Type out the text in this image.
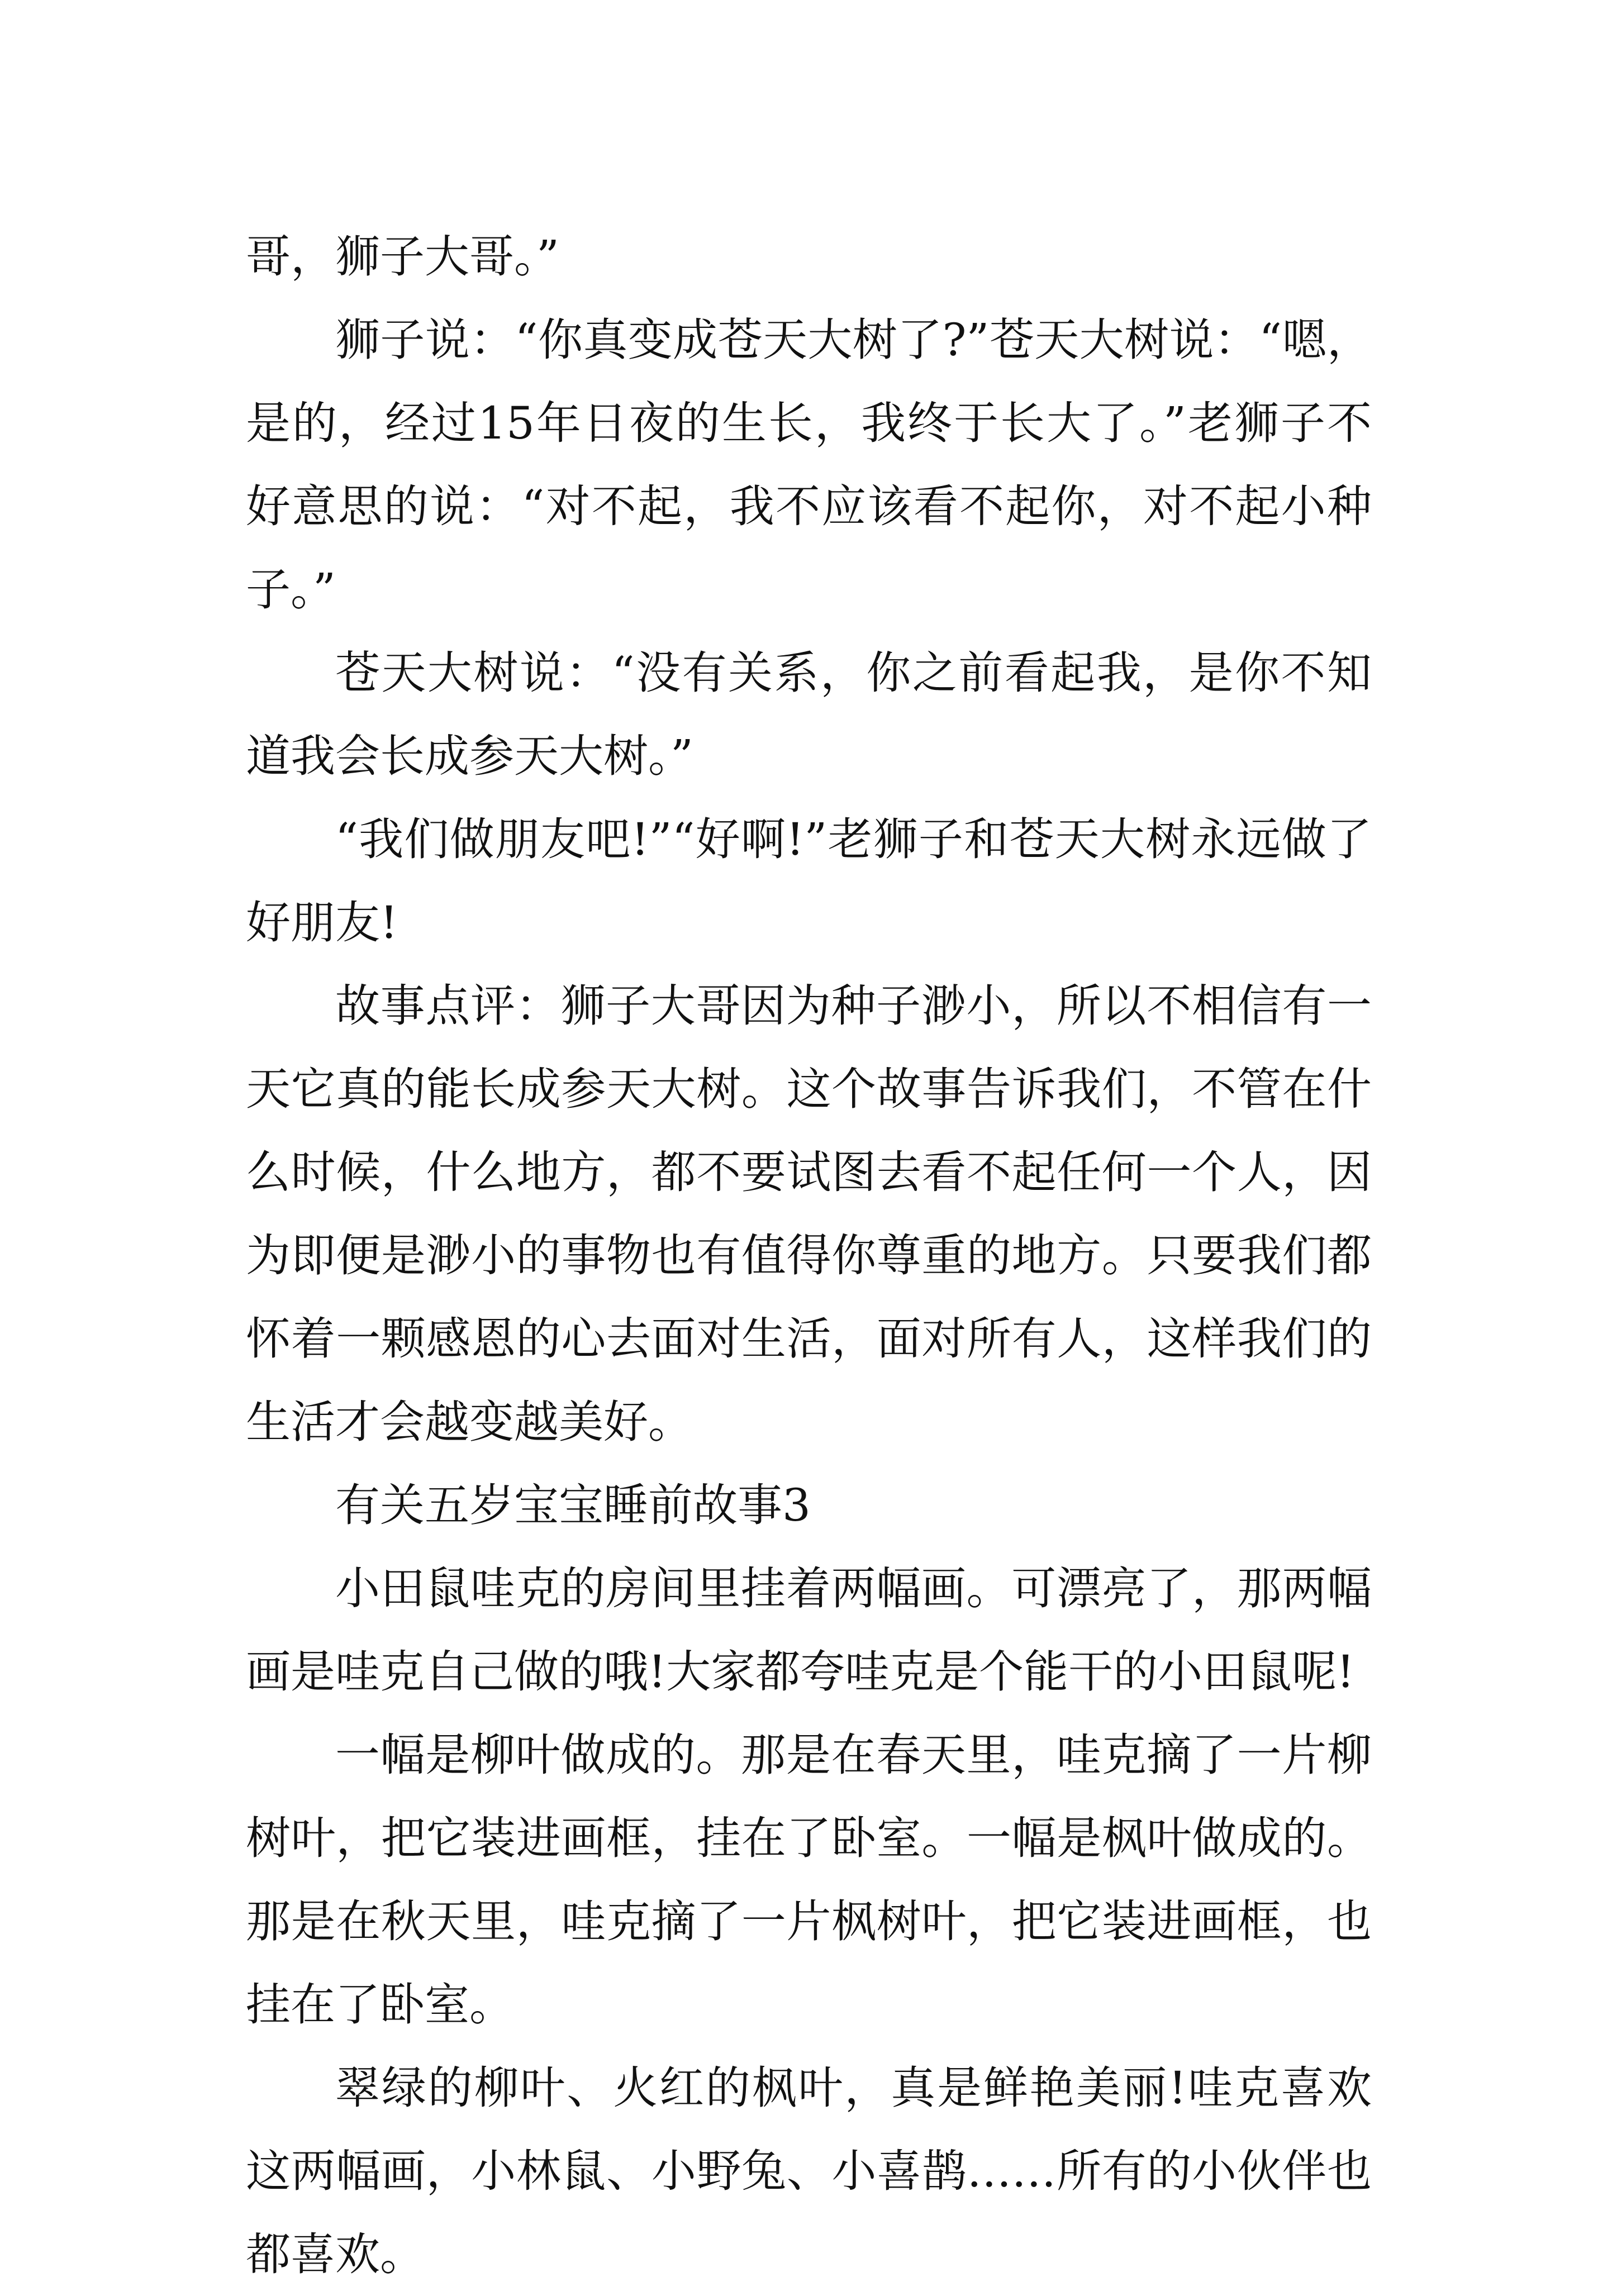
哥，狮子大哥。”

狮子说：“你真变成苍天大树了?”苍天大树说：“嗯，是的，经过15年日夜的生长，我终于长大了。”老狮子不好意思的说：“对不起，我不应该看不起你，对不起小种子。”

苍天大树说：“没有关系，你之前看起我，是你不知道我会长成参天大树。”

“我们做朋友吧!”“好啊!”老狮子和苍天大树永远做了好朋友!

故事点评：狮子大哥因为种子渺小，所以不相信有一天它真的能长成参天大树。这个故事告诉我们，不管在什么时候，什么地方，都不要试图去看不起任何一个人，因为即便是渺小的事物也有值得你尊重的地方。只要我们都怀着一颗感恩的心去面对生活，面对所有人，这样我们的生活才会越变越美好。

有关五岁宝宝睡前故事3

小田鼠哇克的房间里挂着两幅画。可漂亮了，那两幅画是哇克自己做的哦!大家都夸哇克是个能干的小田鼠呢!

一幅是柳叶做成的。那是在春天里，哇克摘了一片柳树叶，把它装进画框，挂在了卧室。一幅是枫叶做成的。那是在秋天里，哇克摘了一片枫树叶，把它装进画框，也挂在了卧室。

翠绿的柳叶、火红的枫叶，真是鲜艳美丽!哇克喜欢这两幅画，小林鼠、小野兔、小喜鹊……所有的小伙伴也都喜欢。
